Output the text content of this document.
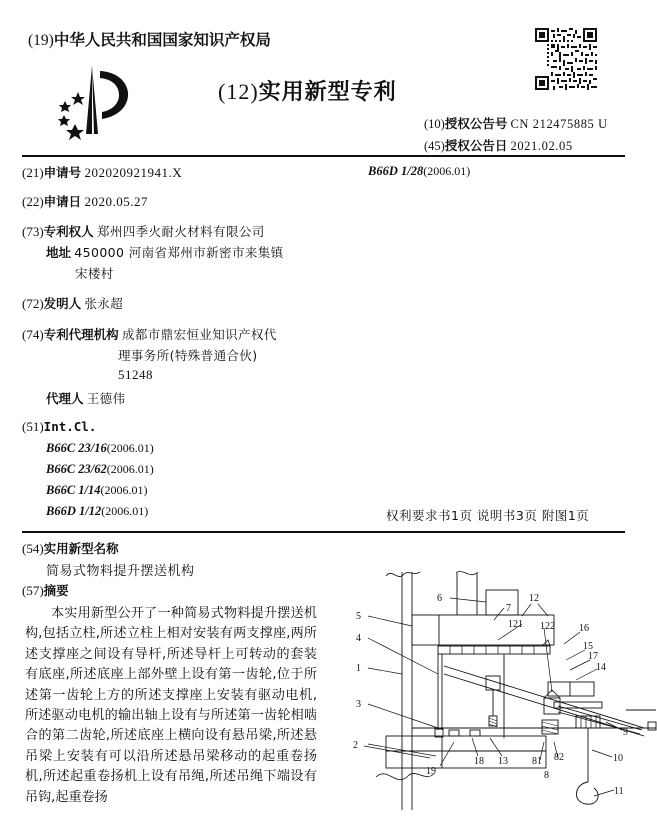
(19)中华人民共和国国家知识产权局
(12)实用新型专利
(10)授权公告号 CN 212475885 U
(45)授权公告日 2021.02.05
(21)申请号 202020921941.X	B66D 1/28(2006.01)
(22)申请日 2020.05.27
(73)专利权人 郑州四季火耐火材料有限公司
地址 450000 河南省郑州市新密市来集镇
宋楼村
(72)发明人 张永超
(74)专利代理机构 成都市鼎宏恒业知识产权代
理事务所(特殊普通合伙)
51248
代理人 王德伟
(51)Int.Cl.
B66C 23/16(2006.01)
B66C 23/62(2006.01)
B66C 1/14(2006.01)
B66D 1/12(2006.01)	权利要求书1页 说明书3页 附图1页
(54)实用新型名称
简易式物料提升摆送机构
(57)摘要
本实用新型公开了一种简易式物料提升摆送机构,包括立柱,所述立柱上相对安装有两支撑座,两所述支撑座之间设有导杆,所述导杆上可转动的套装有底座,所述底座上部外壁上设有第一齿轮,位于所述第一齿轮上方的所述支撑座上安装有驱动电机,所述驱动电机的输出轴上设有与所述第一齿轮相啮合的第二齿轮,所述底座上横向设有悬吊梁,所述悬吊梁上安装有可以沿所述悬吊梁移动的起重卷扬机,所述起重卷扬机上设有吊绳,所述吊绳下端设有吊钩,起重卷扬
5
4
1
3
2
6
7
12
121 122 16
15
17
14
9
10
11
81 82
8
13
18
19
